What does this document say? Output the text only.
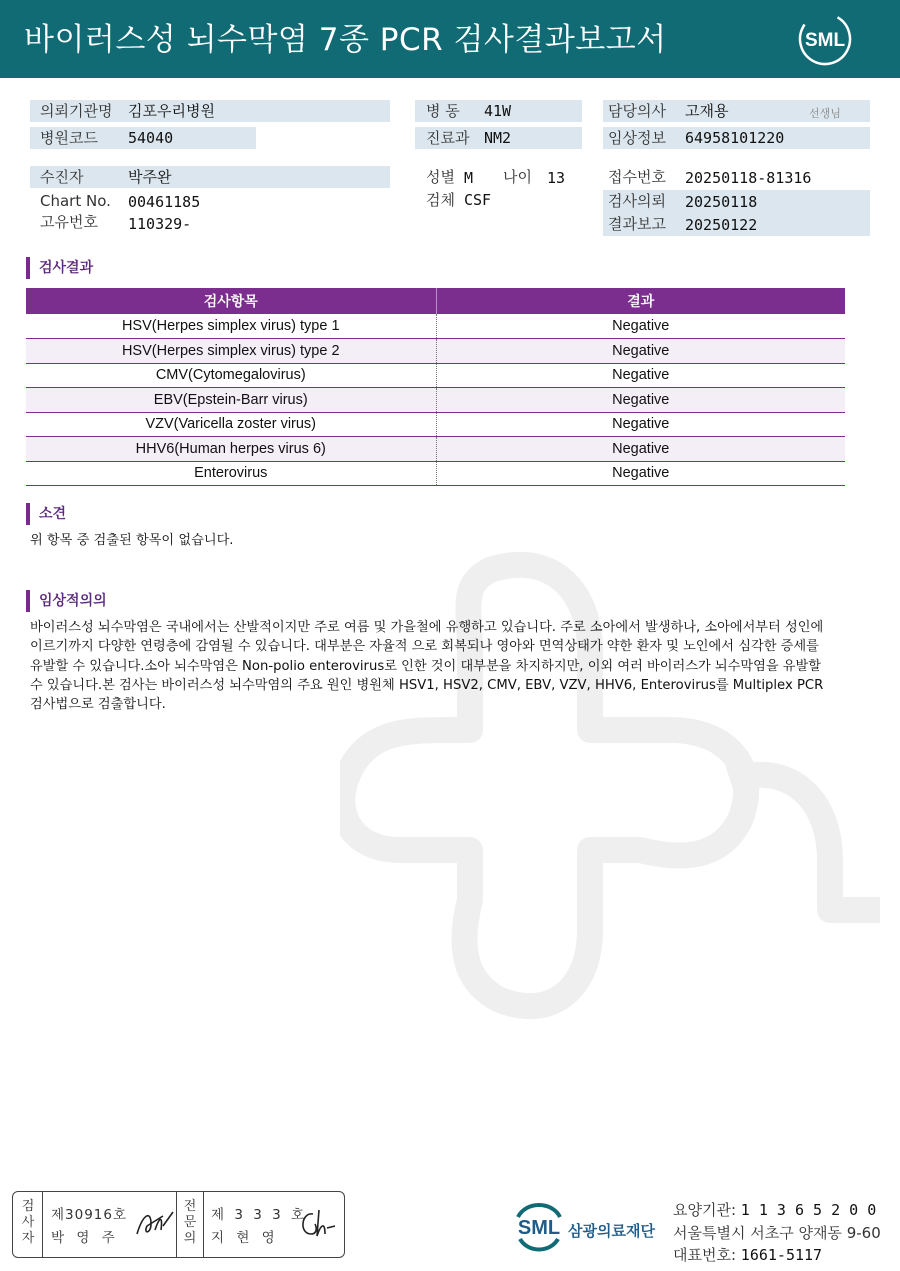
바이러스성 뇌수막염 7종 PCR 검사결과보고서	SML
의뢰기관명 김포우리병원
병원코드 54040
병 동 41W
진료과 NM2
담당의사 고재용	선생님
임상정보 64958101220
수진자	박주완
Chart No. 00461185
고유번호 110329-
성별 M 나이 13
검체 CSF
접수번호 20250118-81316
검사의뢰 20250118
결과보고 20250122
검사결과
검사항목	결과
HSV(Herpes simplex virus) type 1	Negative
HSV(Herpes simplex virus) type 2	Negative
CMV(Cytomegalovirus)	Negative
EBV(Epstein-Barr virus)	Negative
VZV(Varicella zoster virus)	Negative
HHV6(Human herpes virus 6)	Negative
Enterovirus	Negative
소견
위 항목 중 검출된 항목이 없습니다.
임상적의의
바이러스성 뇌수막염은 국내에서는 산발적이지만 주로 여름 및 가을철에 유행하고 있습니다. 주로 소아에서 발생하나, 소아에서부터 성인에
이르기까지 다양한 연령층에 감염될 수 있습니다. 대부분은 자율적 으로 회복되나 영아와 면역상태가 약한 환자 및 노인에서 심각한 증세를
유발할 수 있습니다.소아 뇌수막염은 Non-polio enterovirus로 인한 것이 대부분을 차지하지만, 이외 여러 바이러스가 뇌수막염을 유발할
수 있습니다.본 검사는 바이러스성 뇌수막염의 주요 원인 병원체 HSV1, HSV2, CMV, EBV, VZV, HHV6, Enterovirus를 Multiplex PCR
검사법으로 검출합니다.
검사자
제30916호
박 영 주
전문의
제 3 3 3 호
지 현 영	SML 삼광의료재단
요양기관: 1 1 3 6 5 2 0 0
서울특별시 서초구 양재동 9-60
대표번호: 1661-5117
